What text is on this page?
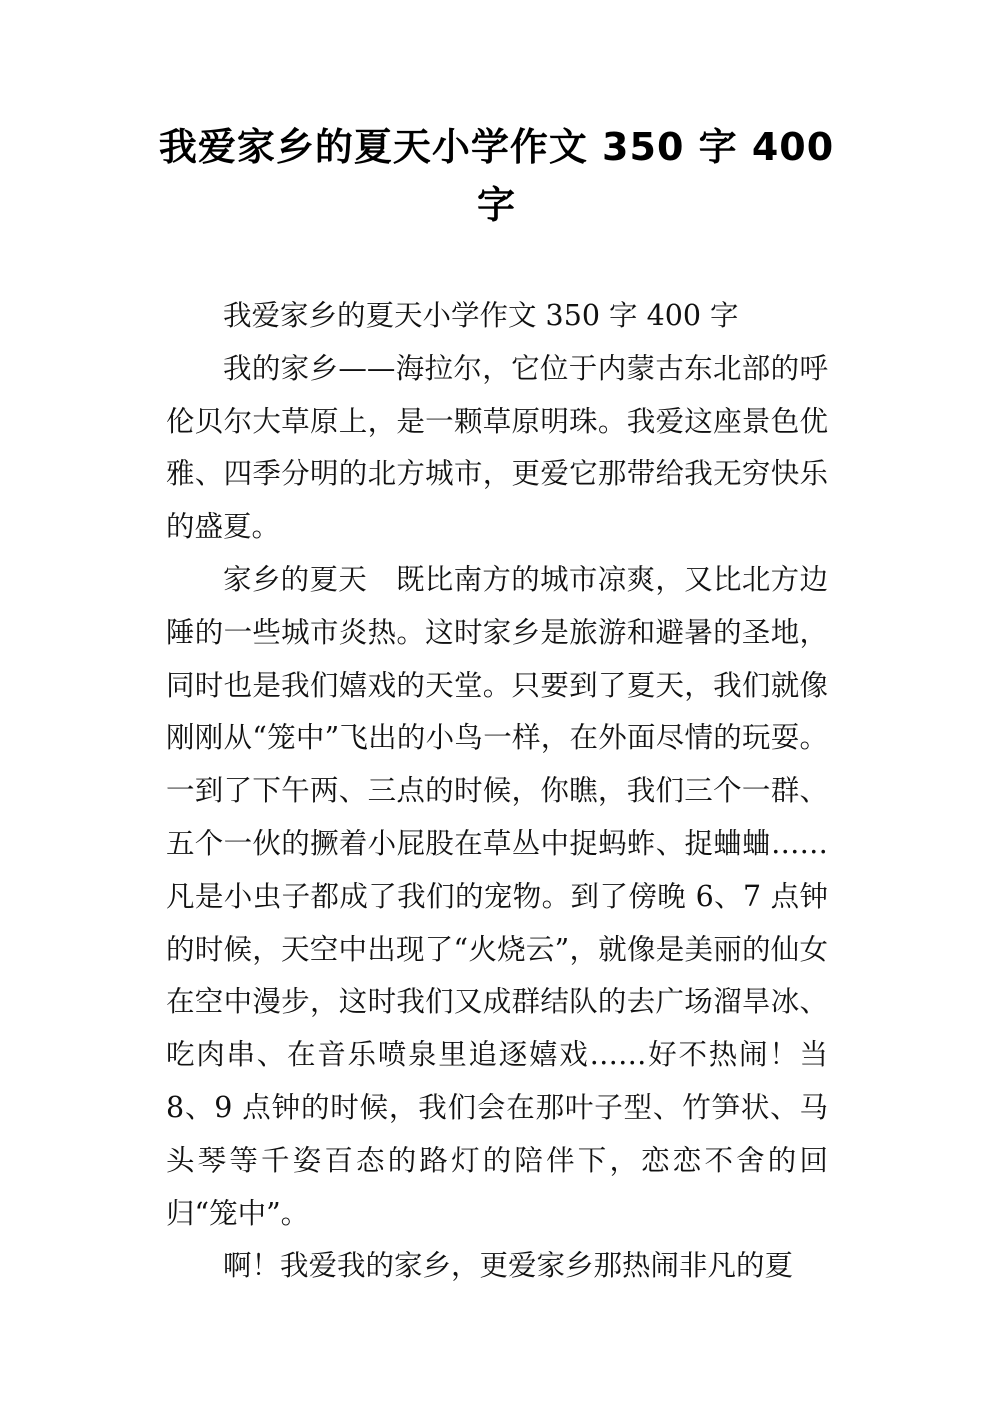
我爱家乡的夏天小学作文 350 字 400 字

我爱家乡的夏天小学作文 350 字 400 字

我的家乡——海拉尔，它位于内蒙古东北部的呼伦贝尔大草原上，是一颗草原明珠。我爱这座景色优雅、四季分明的北方城市，更爱它那带给我无穷快乐的盛夏。

家乡的夏天　既比南方的城市凉爽，又比北方边陲的一些城市炎热。这时家乡是旅游和避暑的圣地，同时也是我们嬉戏的天堂。只要到了夏天，我们就像刚刚从“笼中”飞出的小鸟一样，在外面尽情的玩耍。一到了下午两、三点的时候，你瞧，我们三个一群、五个一伙的撅着小屁股在草丛中捉蚂蚱、捉蛐蛐……　凡是小虫子都成了我们的宠物。到了傍晚 6、7 点钟的时候，天空中出现了“火烧云”，就像是美丽的仙女在空中漫步，这时我们又成群结队的去广场溜旱冰、吃肉串、在音乐喷泉里追逐嬉戏……好不热闹！当 8、9 点钟的时候，我们会在那叶子型、竹笋状、马头琴等千姿百态的路灯的陪伴下，恋恋不舍的回归“笼中”。

啊！我爱我的家乡，更爱家乡那热闹非凡的夏
